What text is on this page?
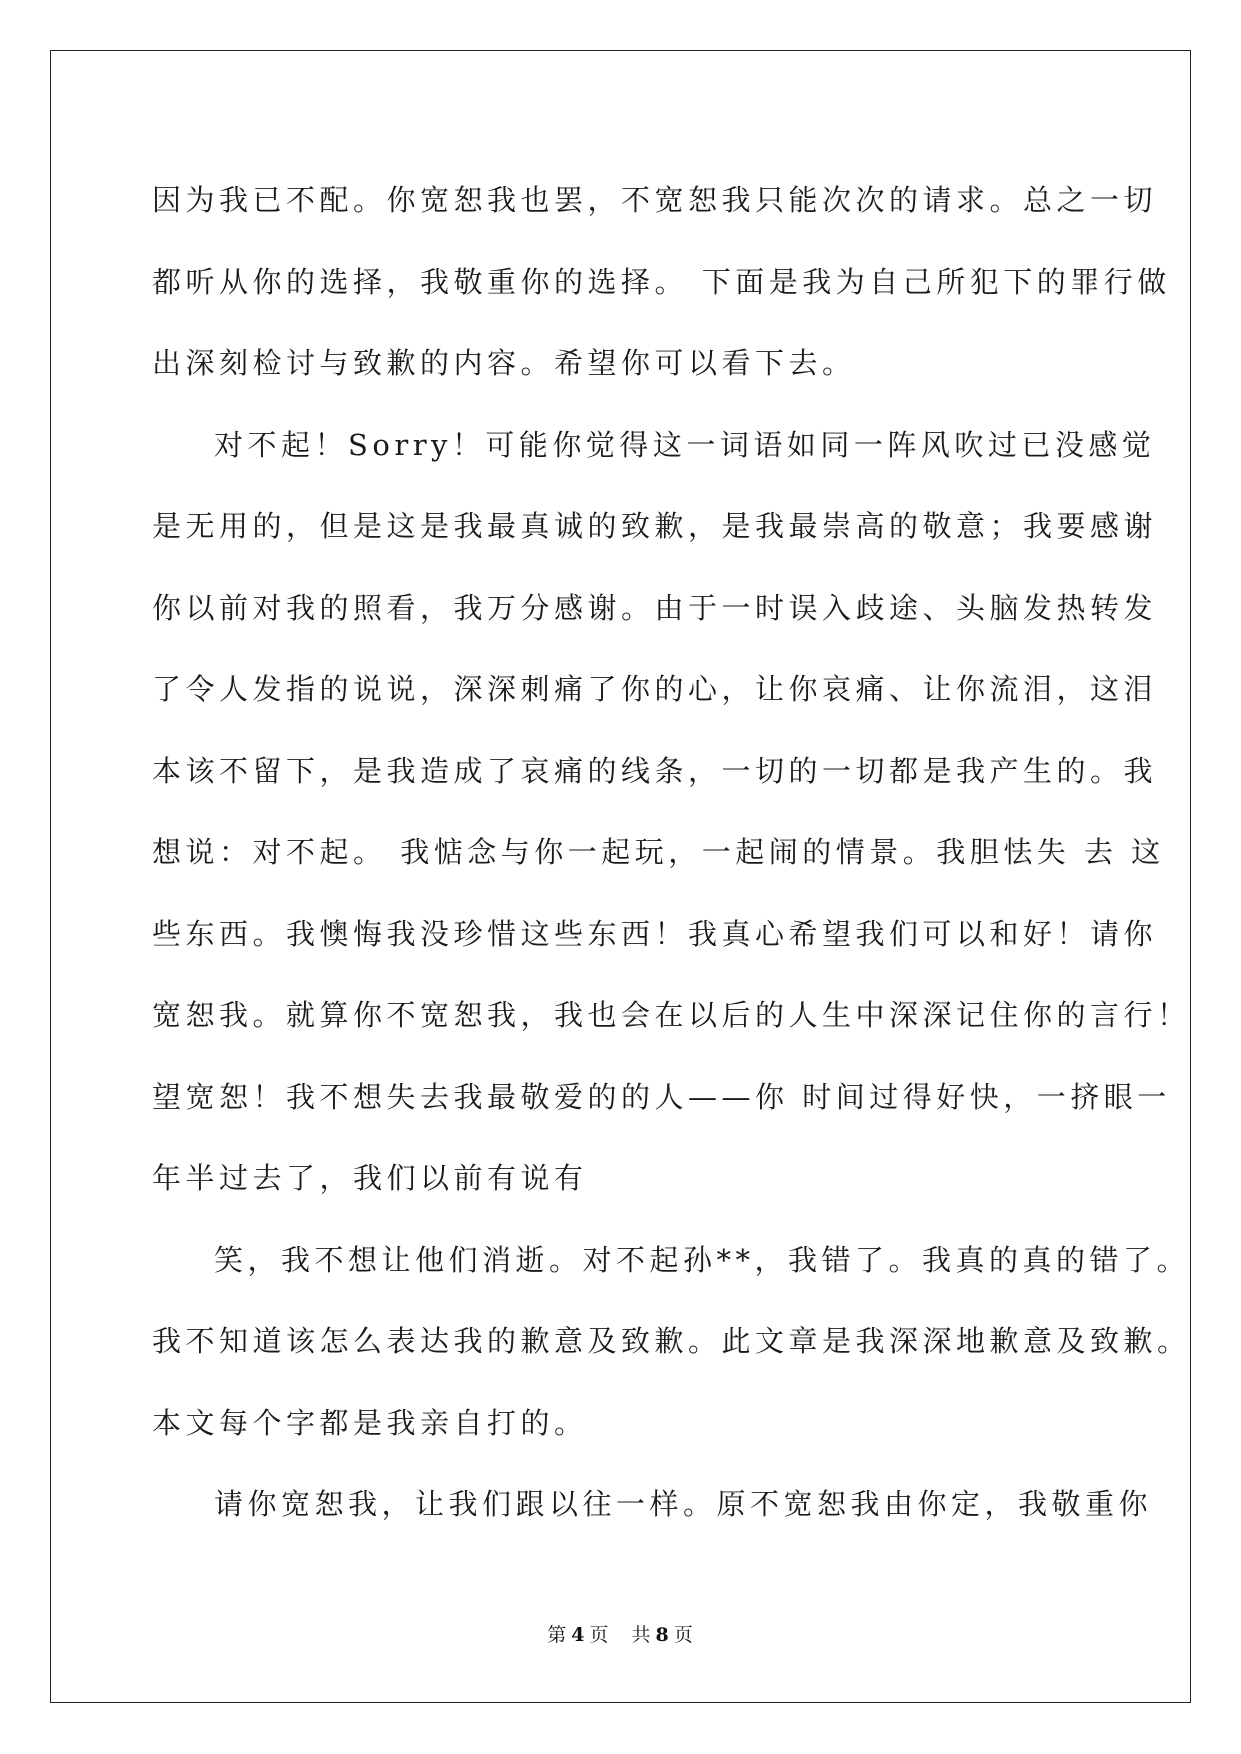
因为我已不配。你宽恕我也罢，不宽恕我只能次次的请求。总之一切
都听从你的选择，我敬重你的选择。 下面是我为自己所犯下的罪行做
出深刻检讨与致歉的内容。希望你可以看下去。
对不起！Sorry！可能你觉得这一词语如同一阵风吹过已没感觉
是无用的，但是这是我最真诚的致歉，是我最崇高的敬意；我要感谢
你以前对我的照看，我万分感谢。由于一时误入歧途、头脑发热转发
了令人发指的说说，深深刺痛了你的心，让你哀痛、让你流泪，这泪
本该不留下，是我造成了哀痛的线条，一切的一切都是我产生的。我
想说：对不起。 我惦念与你一起玩，一起闹的情景。我胆怯失 去 这
些东西。我懊悔我没珍惜这些东西！我真心希望我们可以和好！请你
宽恕我。就算你不宽恕我，我也会在以后的人生中深深记住你的言行！
望宽恕！我不想失去我最敬爱的的人——你 时间过得好快，一挤眼一
年半过去了，我们以前有说有
笑，我不想让他们消逝。对不起孙**，我错了。我真的真的错了。
我不知道该怎么表达我的歉意及致歉。此文章是我深深地歉意及致歉。
本文每个字都是我亲自打的。
请你宽恕我，让我们跟以往一样。原不宽恕我由你定，我敬重你
第 4 页 共 8 页
